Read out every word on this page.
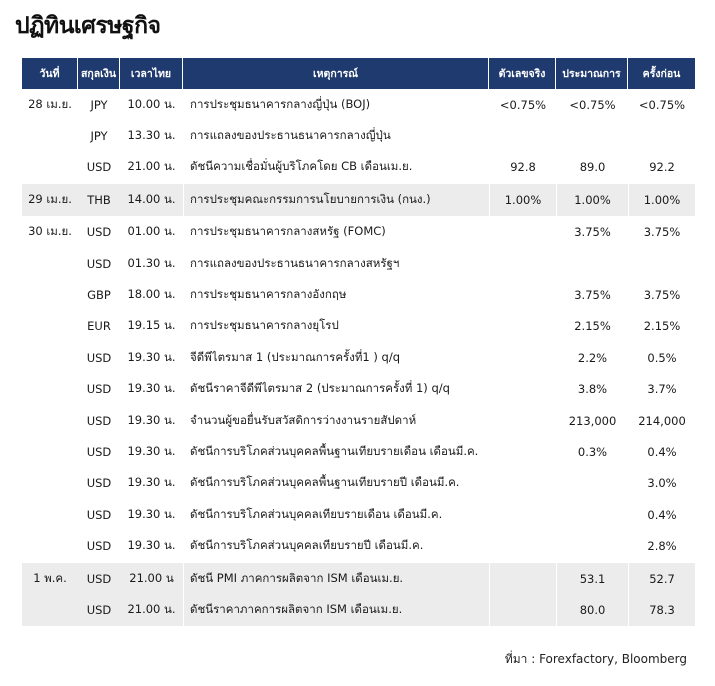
ปฏิทินเศรษฐกิจ
วันที่	สกุลเงิน	เวลาไทย	เหตุการณ์	ตัวเลขจริง	ประมาณการ	ครั้งก่อน
28 เม.ย.	JPY	10.00 น.	การประชุมธนาคารกลางญี่ปุ่น (BOJ)	<0.75%	<0.75%	<0.75%
	JPY	13.30 น.	การแถลงของประธานธนาคารกลางญี่ปุ่น			
	USD	21.00 น.	ดัชนีความเชื่อมั่นผู้บริโภคโดย CB เดือนเม.ย.	92.8	89.0	92.2
29 เม.ย.	THB	14.00 น.	การประชุมคณะกรรมการนโยบายการเงิน (กนง.)	1.00%	1.00%	1.00%
30 เม.ย.	USD	01.00 น.	การประชุมธนาคารกลางสหรัฐ (FOMC)		3.75%	3.75%
	USD	01.30 น.	การแถลงของประธานธนาคารกลางสหรัฐฯ			
	GBP	18.00 น.	การประชุมธนาคารกลางอังกฤษ		3.75%	3.75%
	EUR	19.15 น.	การประชุมธนาคารกลางยุโรป		2.15%	2.15%
	USD	19.30 น.	จีดีพีไตรมาส 1 (ประมาณการครั้งที่1 ) q/q		2.2%	0.5%
	USD	19.30 น.	ดัชนีราคาจีดีพีไตรมาส 2 (ประมาณการครั้งที่ 1) q/q		3.8%	3.7%
	USD	19.30 น.	จำนวนผู้ขอยื่นรับสวัสดิการว่างงานรายสัปดาห์		213,000	214,000
	USD	19.30 น.	ดัชนีการบริโภคส่วนบุคคลพื้นฐานเทียบรายเดือน เดือนมี.ค.		0.3%	0.4%
	USD	19.30 น.	ดัชนีการบริโภคส่วนบุคคลพื้นฐานเทียบรายปี เดือนมี.ค.			3.0%
	USD	19.30 น.	ดัชนีการบริโภคส่วนบุคคลเทียบรายเดือน เดือนมี.ค.			0.4%
	USD	19.30 น.	ดัชนีการบริโภคส่วนบุคคลเทียบรายปี เดือนมี.ค.			2.8%
1 พ.ค.	USD	21.00 น	ดัชนี PMI ภาคการผลิตจาก ISM เดือนเม.ย.		53.1	52.7
	USD	21.00 น.	ดัชนีราคาภาคการผลิตจาก ISM เดือนเม.ย.		80.0	78.3
ที่มา : Forexfactory, Bloomberg
